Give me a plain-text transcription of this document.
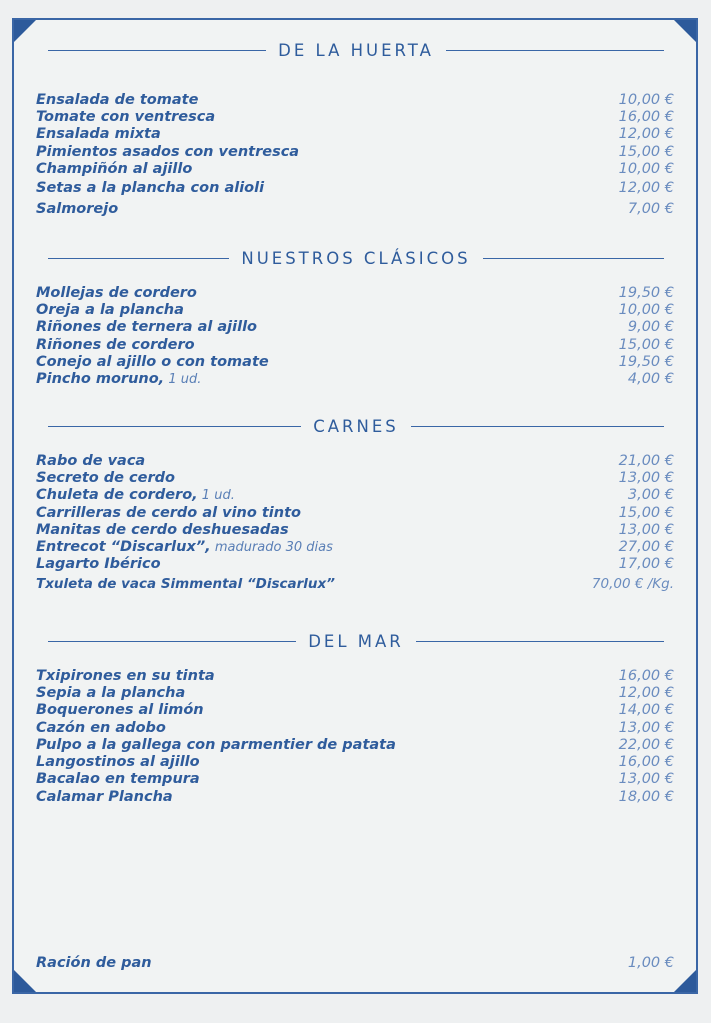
DE LA HUERTA
Ensalada de tomate	10,00 €
Tomate con ventresca	16,00 €
Ensalada mixta	12,00 €
Pimientos asados con ventresca	15,00 €
Champiñón al ajillo	10,00 €
Setas a la plancha con alioli	12,00 €
Salmorejo	7,00 €
NUESTROS CLÁSICOS
Mollejas de cordero	19,50 €
Oreja a la plancha	10,00 €
Riñones de ternera al ajillo	9,00 €
Riñones de cordero	15,00 €
Conejo al ajillo o con tomate	19,50 €
Pincho moruno, 1 ud.	4,00 €
CARNES
Rabo de vaca	21,00 €
Secreto de cerdo	13,00 €
Chuleta de cordero, 1 ud.	3,00 €
Carrilleras de cerdo al vino tinto	15,00 €
Manitas de cerdo deshuesadas	13,00 €
Entrecot “Discarlux”, madurado 30 dias	27,00 €
Lagarto Ibérico	17,00 €
Txuleta de vaca Simmental “Discarlux”	70,00 € /Kg.
DEL MAR
Txipirones en su tinta	16,00 €
Sepia a la plancha	12,00 €
Boquerones al limón	14,00 €
Cazón en adobo	13,00 €
Pulpo a la gallega con parmentier de patata	22,00 €
Langostinos al ajillo	16,00 €
Bacalao en tempura	13,00 €
Calamar Plancha	18,00 €
Ración de pan	1,00 €
